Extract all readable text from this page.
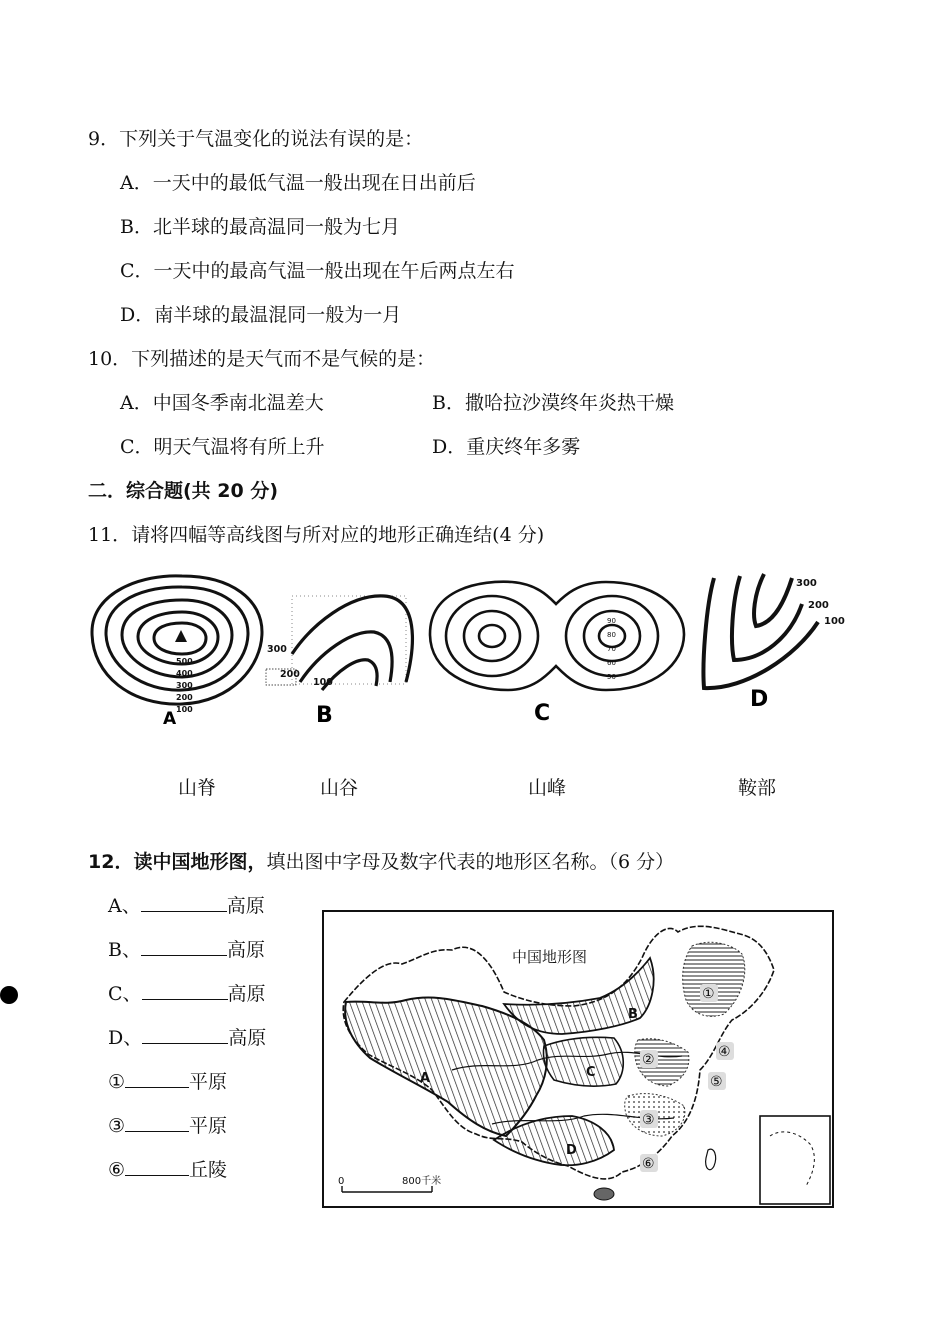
9．下列关于气温变化的说法有误的是：
A．一天中的最低气温一般出现在日出前后
B．北半球的最高温同一般为七月
C．一天中的最高气温一般出现在午后两点左右
D．南半球的最温混同一般为一月
10．下列描述的是天气而不是气候的是：
A．中国冬季南北温差大	B．撒哈拉沙漠终年炎热干燥
C．明天气温将有所上升	D．重庆终年多雾
二．综合题(共 20 分)
11．请将四幅等高线图与所对应的地形正确连结(4 分)
500
400
300
200
100
A
300
200
100
B
90
80
70
60
50
C
300
200
100
D
山脊	山谷	山峰	鞍部
12．读中国地形图，填出图中字母及数字代表的地形区名称。（6 分）
A、	高原
B、	高原
C、	高原
D、	高原
①	平原
③	平原
⑥	丘陵
中国地形图
A
B
C
D
①
②
③
④
⑤
⑥
0	800千米
